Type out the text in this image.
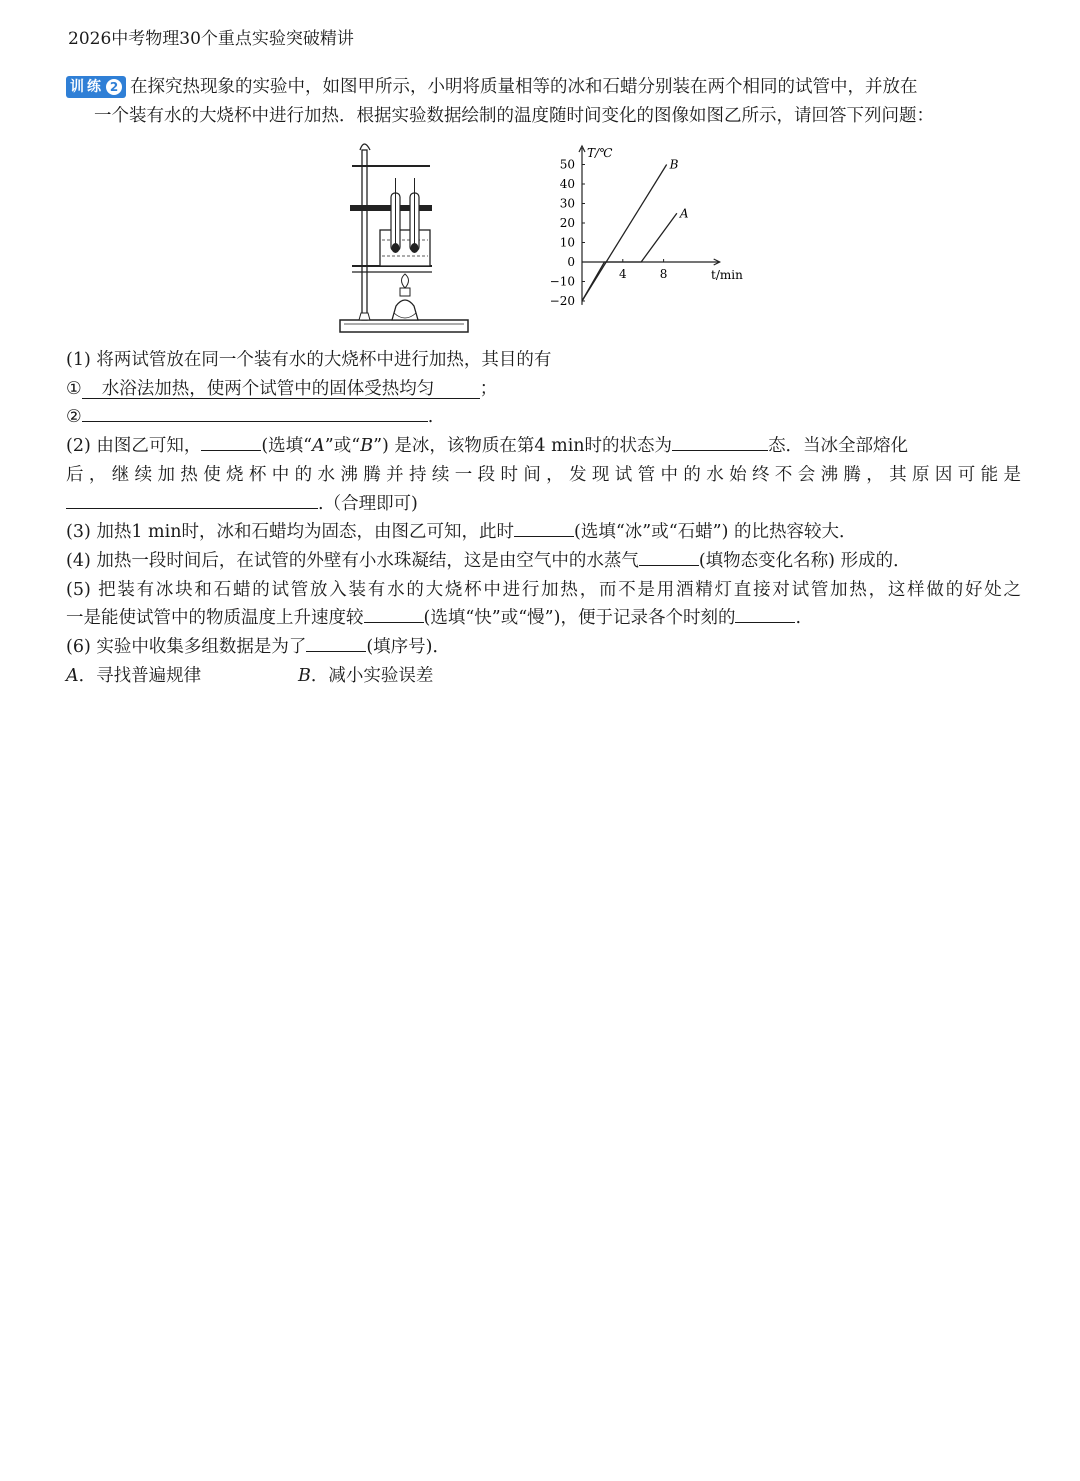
2026中考物理30个重点实验突破精讲
训练 2 在探究热现象的实验中，如图甲所示，小明将质量相等的冰和石蜡分别装在两个相同的试管中，并放在
一个装有水的大烧杯中进行加热．根据实验数据绘制的温度随时间变化的图像如图乙所示，请回答下列问题：
50
40
30
20
10
0
−10
−20
4	8
B
A
T/℃
t/min
(1) 将两试管放在同一个装有水的大烧杯中进行加热，其目的有
① 水浴法加热，使两个试管中的固体受热均匀	；
②	.
(2) 由图乙可知，	(选填“A”或“B”) 是冰，该物质在第4 min时的状态为	态．当冰全部熔化
后，继续加热使烧杯中的水沸腾并持续一段时间，发现试管中的水始终不会沸腾，其原因可能是
.（合理即可)
(3) 加热1 min时，冰和石蜡均为固态，由图乙可知，此时	(选填“冰”或“石蜡”) 的比热容较大．
(4) 加热一段时间后，在试管的外壁有小水珠凝结，这是由空气中的水蒸气	(填物态变化名称) 形成的．
(5) 把装有冰块和石蜡的试管放入装有水的大烧杯中进行加热，而不是用酒精灯直接对试管加热，这样做的好处之
一是能使试管中的物质温度上升速度较	(选填“快”或“慢”)，便于记录各个时刻的	.
(6) 实验中收集多组数据是为了	(填序号)．
A．寻找普遍规律	B．减小实验误差
